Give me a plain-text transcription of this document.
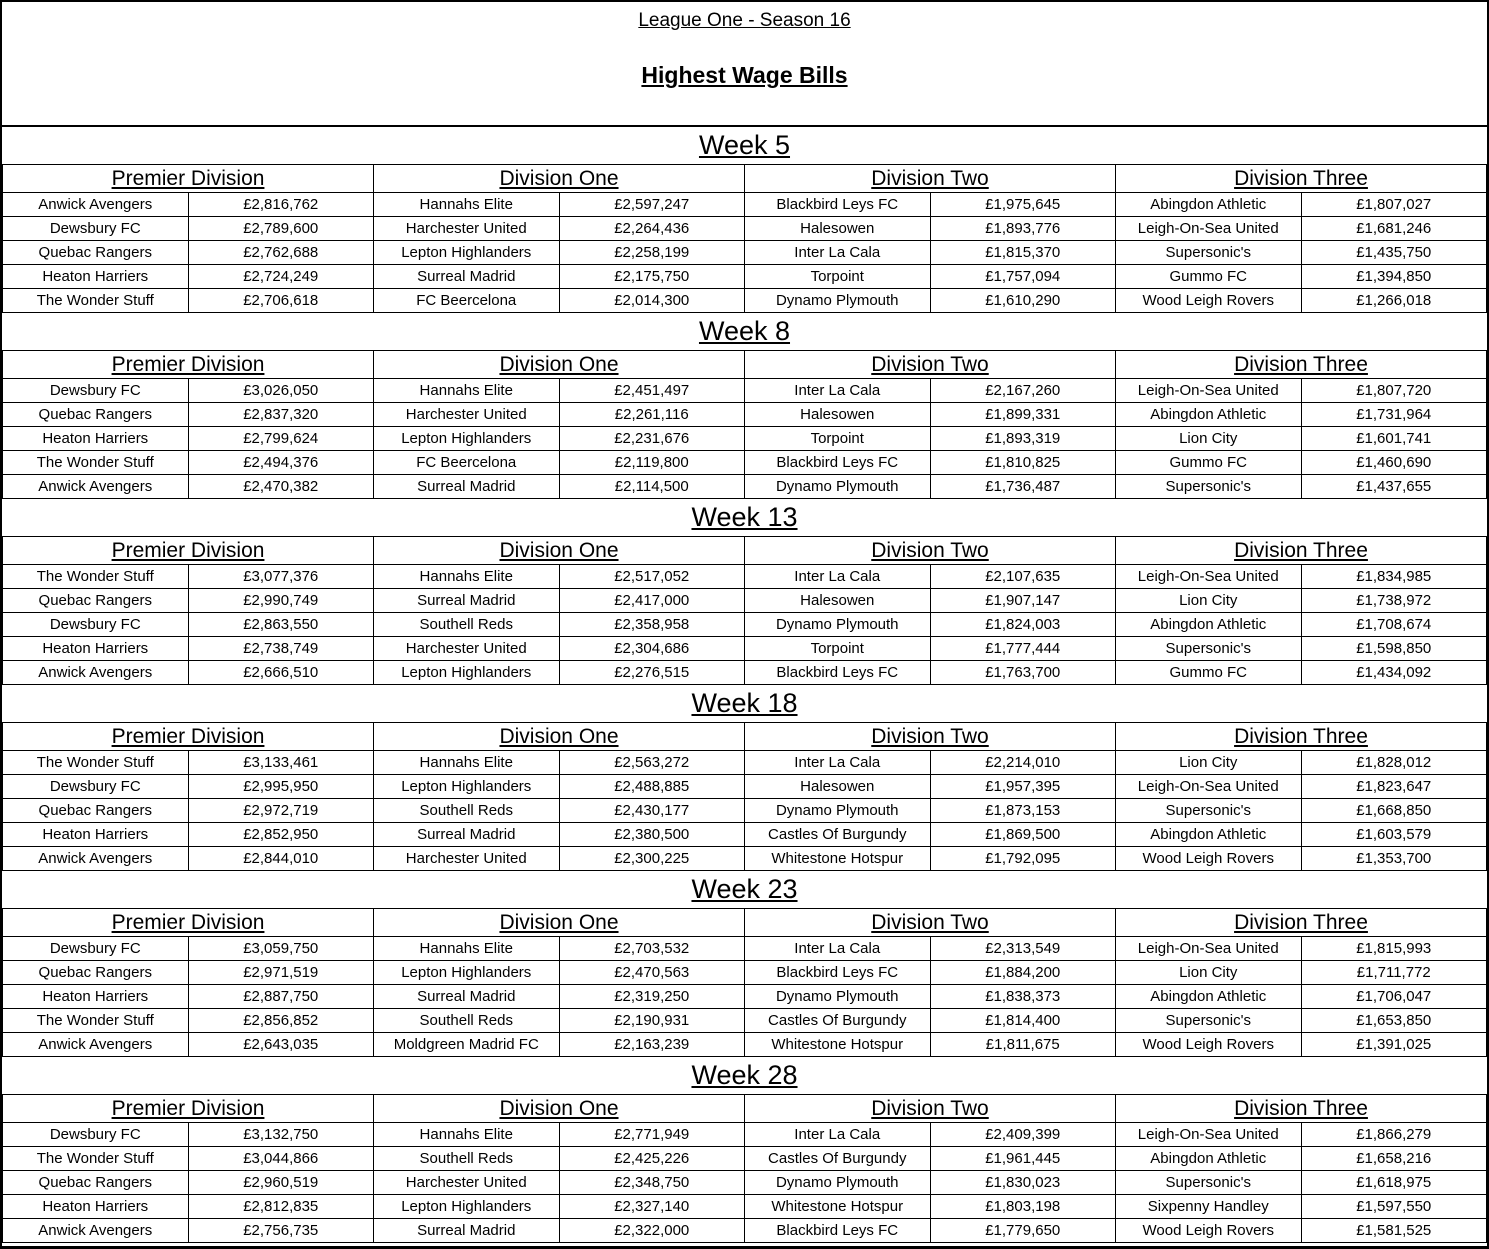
League One - Season 16
Highest Wage Bills
Week 5
Premier Division		Division One		Division Two		Division Three	
Anwick Avengers	£2,816,762	Hannahs Elite	£2,597,247	Blackbird Leys FC	£1,975,645	Abingdon Athletic	£1,807,027
Dewsbury FC	£2,789,600	Harchester United	£2,264,436	Halesowen	£1,893,776	Leigh-On-Sea United	£1,681,246
Quebac Rangers	£2,762,688	Lepton Highlanders	£2,258,199	Inter La Cala	£1,815,370	Supersonic's	£1,435,750
Heaton Harriers	£2,724,249	Surreal Madrid	£2,175,750	Torpoint	£1,757,094	Gummo FC	£1,394,850
The Wonder Stuff	£2,706,618	FC Beercelona	£2,014,300	Dynamo Plymouth	£1,610,290	Wood Leigh Rovers	£1,266,018
Week 8
Premier Division		Division One		Division Two		Division Three	
Dewsbury FC	£3,026,050	Hannahs Elite	£2,451,497	Inter La Cala	£2,167,260	Leigh-On-Sea United	£1,807,720
Quebac Rangers	£2,837,320	Harchester United	£2,261,116	Halesowen	£1,899,331	Abingdon Athletic	£1,731,964
Heaton Harriers	£2,799,624	Lepton Highlanders	£2,231,676	Torpoint	£1,893,319	Lion City	£1,601,741
The Wonder Stuff	£2,494,376	FC Beercelona	£2,119,800	Blackbird Leys FC	£1,810,825	Gummo FC	£1,460,690
Anwick Avengers	£2,470,382	Surreal Madrid	£2,114,500	Dynamo Plymouth	£1,736,487	Supersonic's	£1,437,655
Week 13
Premier Division		Division One		Division Two		Division Three	
The Wonder Stuff	£3,077,376	Hannahs Elite	£2,517,052	Inter La Cala	£2,107,635	Leigh-On-Sea United	£1,834,985
Quebac Rangers	£2,990,749	Surreal Madrid	£2,417,000	Halesowen	£1,907,147	Lion City	£1,738,972
Dewsbury FC	£2,863,550	Southell Reds	£2,358,958	Dynamo Plymouth	£1,824,003	Abingdon Athletic	£1,708,674
Heaton Harriers	£2,738,749	Harchester United	£2,304,686	Torpoint	£1,777,444	Supersonic's	£1,598,850
Anwick Avengers	£2,666,510	Lepton Highlanders	£2,276,515	Blackbird Leys FC	£1,763,700	Gummo FC	£1,434,092
Week 18
Premier Division		Division One		Division Two		Division Three	
The Wonder Stuff	£3,133,461	Hannahs Elite	£2,563,272	Inter La Cala	£2,214,010	Lion City	£1,828,012
Dewsbury FC	£2,995,950	Lepton Highlanders	£2,488,885	Halesowen	£1,957,395	Leigh-On-Sea United	£1,823,647
Quebac Rangers	£2,972,719	Southell Reds	£2,430,177	Dynamo Plymouth	£1,873,153	Supersonic's	£1,668,850
Heaton Harriers	£2,852,950	Surreal Madrid	£2,380,500	Castles Of Burgundy	£1,869,500	Abingdon Athletic	£1,603,579
Anwick Avengers	£2,844,010	Harchester United	£2,300,225	Whitestone Hotspur	£1,792,095	Wood Leigh Rovers	£1,353,700
Week 23
Premier Division		Division One		Division Two		Division Three	
Dewsbury FC	£3,059,750	Hannahs Elite	£2,703,532	Inter La Cala	£2,313,549	Leigh-On-Sea United	£1,815,993
Quebac Rangers	£2,971,519	Lepton Highlanders	£2,470,563	Blackbird Leys FC	£1,884,200	Lion City	£1,711,772
Heaton Harriers	£2,887,750	Surreal Madrid	£2,319,250	Dynamo Plymouth	£1,838,373	Abingdon Athletic	£1,706,047
The Wonder Stuff	£2,856,852	Southell Reds	£2,190,931	Castles Of Burgundy	£1,814,400	Supersonic's	£1,653,850
Anwick Avengers	£2,643,035	Moldgreen Madrid FC	£2,163,239	Whitestone Hotspur	£1,811,675	Wood Leigh Rovers	£1,391,025
Week 28
Premier Division		Division One		Division Two		Division Three	
Dewsbury FC	£3,132,750	Hannahs Elite	£2,771,949	Inter La Cala	£2,409,399	Leigh-On-Sea United	£1,866,279
The Wonder Stuff	£3,044,866	Southell Reds	£2,425,226	Castles Of Burgundy	£1,961,445	Abingdon Athletic	£1,658,216
Quebac Rangers	£2,960,519	Harchester United	£2,348,750	Dynamo Plymouth	£1,830,023	Supersonic's	£1,618,975
Heaton Harriers	£2,812,835	Lepton Highlanders	£2,327,140	Whitestone Hotspur	£1,803,198	Sixpenny Handley	£1,597,550
Anwick Avengers	£2,756,735	Surreal Madrid	£2,322,000	Blackbird Leys FC	£1,779,650	Wood Leigh Rovers	£1,581,525
